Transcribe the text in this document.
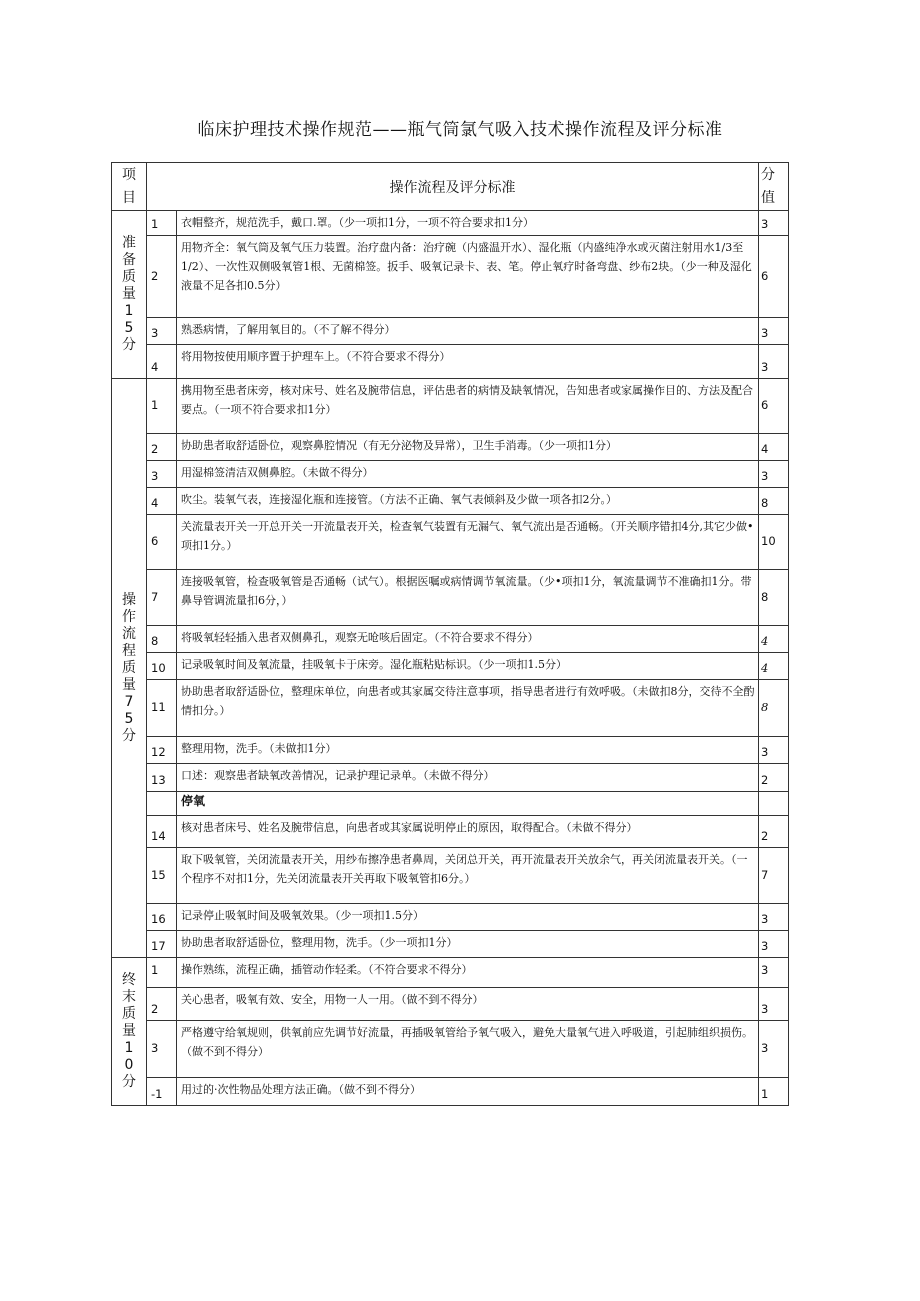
临床护理技术操作规范——瓶气筒氯气吸入技术操作流程及评分标准
项目	操作流程及评分标准		分值
准备质量15分	1	衣帽整齐，规范洗手，戴口.罩。（少一项扣1分，一项不符合要求扣1分）	3
	2	用物齐全：氧气筒及氧气压力装置。治疗盘内备：治疗碗（内盛温开水）、湿化瓶（内盛纯净水或灭菌注射用水1/3至1/2）、一次性双侧吸氧管1根、无菌棉签。扳手、吸氧记录卡、表、笔。停止氧疗时备弯盘、纱布2块。（少一种及湿化液量不足各扣0.5分）	6
	3	熟悉病情，了解用氧目的。（不了解不得分）	3
	4	将用物按使用顺序置于护理车上。（不符合要求不得分）	3
操作流程质量75分	1	携用物至患者床旁，核对床号、姓名及腕带信息，评估患者的病情及缺氧情况，告知患者或家属操作目的、方法及配合要点。（一项不符合要求扣1分）	6
	2	协助患者取舒适卧位，观察鼻腔情况（有无分泌物及异常），卫生手消毒。（少一项扣1分）	4
	3	用湿棉签清洁双侧鼻腔。（未做不得分）	3
	4	吹尘。装氧气表，连接湿化瓶和连接管。（方法不正确、氧气表倾斜及少做一项各扣2分。）	8
	6	关流量表开关一开总开关一开流量表开关，检查氧气装置有无漏气、氧气流出是否通畅。（开关顺序错扣4分,其它少做•项扣1分。）	10
	7	连接吸氧管，检查吸氧管是否通畅（试气）。根据医嘱或病情调节氧流量。（少•项扣1分，氧流量调节不准确扣1分。带鼻导管调流量扣6分，）	8
	8	将吸氧轻轻插入患者双侧鼻孔，观察无呛咳后固定。（不符合要求不得分）	4
	10	记录吸氧时间及氧流量，挂吸氧卡于床旁。湿化瓶粘贴标识。（少一项扣1.5分）	4
	11	协助患者取舒适卧位，整理床单位，向患者或其家属交待注意事项，指导患者进行有效呼吸。（未做扣8分，交待不全酌情扣分。）	8
	12	整理用物，洗手。（未做扣1分）	3
	13	口述：观察患者缺氧改善情况，记录护理记录单。（未做不得分）	2
		停氧	
	14	核对患者床号、姓名及腕带信息，向患者或其家属说明停止的原因，取得配合。（未做不得分）	2
	15	取下吸氧管，关闭流量表开关，用纱布擦净患者鼻周，关闭总开关，再开流量表开关放余气，再关闭流量表开关。（一个程序不对扣1分，先关闭流量表开关再取下吸氧管扣6分。）	7
	16	记录停止吸氧时间及吸氧效果。（少一项扣1.5分）	3
	17	协助患者取舒适卧位，整理用物，洗手。（少一项扣1分）	3
终末质量10分	1	操作熟练，流程正确，插管动作轻柔。（不符合要求不得分）	3
	2	关心患者，吸氧有效、安全，用物一人一用。（做不到不得分）	3
	3	严格遵守给氧规则，供氧前应先调节好流量，再插吸氧管给予氧气吸入，避免大量氧气进入呼吸道，引起肺组织损伤。（做不到不得分）	3
	-1	用过的·次性物品处理方法正确。（做不到不得分）	1
